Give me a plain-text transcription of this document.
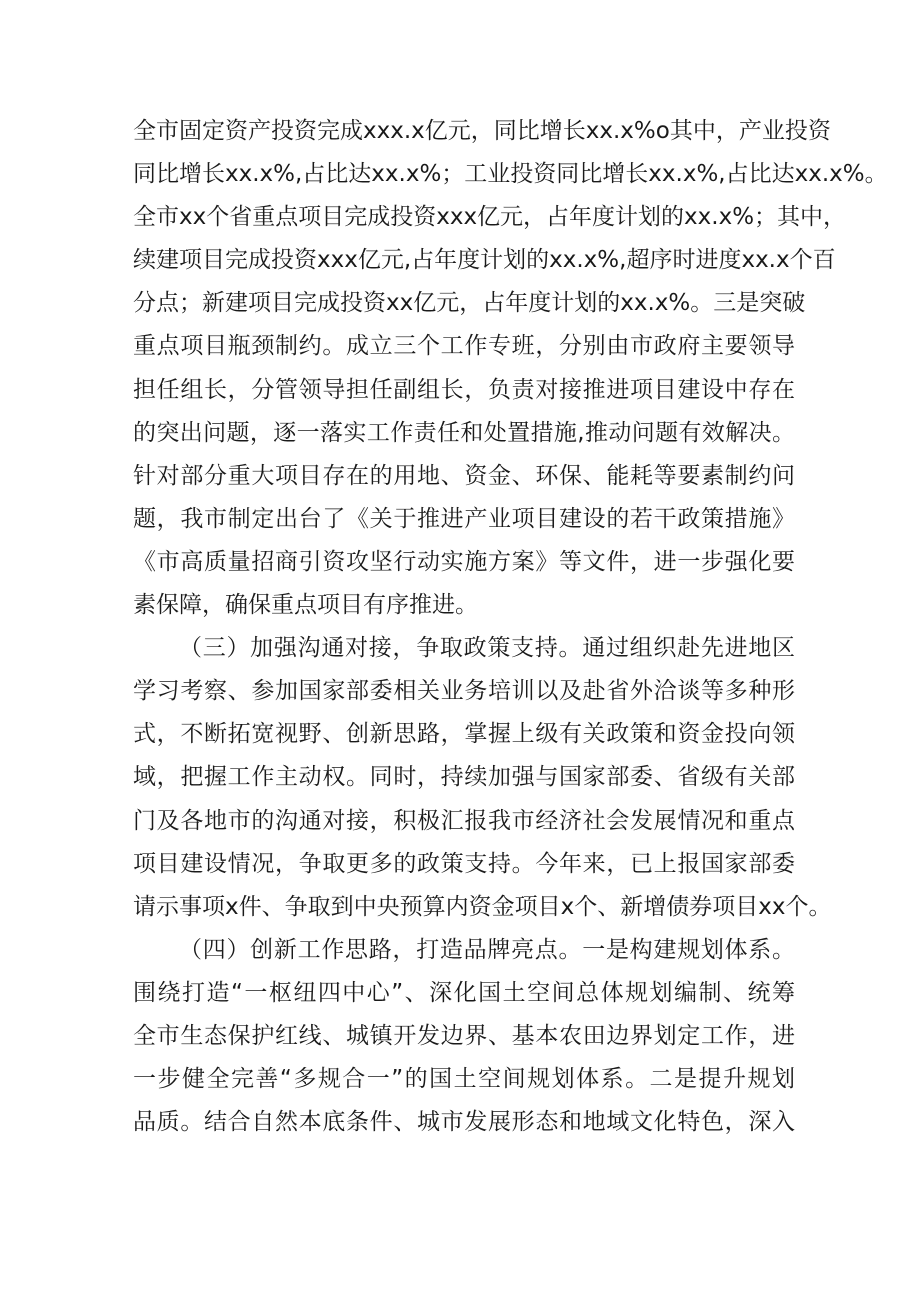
全市固定资产投资完成xxx.x亿元，同比增长xx.x%o其中，产业投资
同比增长xx.x%,占比达xx.x%；工业投资同比增长xx.x%,占比达xx.x%。
全市xx个省重点项目完成投资xxx亿元，占年度计划的xx.x%；其中，
续建项目完成投资xxx亿元,占年度计划的xx.x%,超序时进度xx.x个百
分点；新建项目完成投资xx亿元，占年度计划的xx.x%。三是突破
重点项目瓶颈制约。成立三个工作专班，分别由市政府主要领导
担任组长，分管领导担任副组长，负责对接推进项目建设中存在
的突出问题，逐一落实工作责任和处置措施,推动问题有效解决。
针对部分重大项目存在的用地、资金、环保、能耗等要素制约问
题，我市制定出台了《关于推进产业项目建设的若干政策措施》
《市高质量招商引资攻坚行动实施方案》等文件，进一步强化要
素保障，确保重点项目有序推进。
（三）加强沟通对接，争取政策支持。通过组织赴先进地区
学习考察、参加国家部委相关业务培训以及赴省外洽谈等多种形
式，不断拓宽视野、创新思路，掌握上级有关政策和资金投向领
域，把握工作主动权。同时，持续加强与国家部委、省级有关部
门及各地市的沟通对接，积极汇报我市经济社会发展情况和重点
项目建设情况，争取更多的政策支持。今年来，已上报国家部委
请示事项x件、争取到中央预算内资金项目x个、新增债券项目xx个。
（四）创新工作思路，打造品牌亮点。一是构建规划体系。
围绕打造“一枢纽四中心”、深化国土空间总体规划编制、统筹
全市生态保护红线、城镇开发边界、基本农田边界划定工作，进
一步健全完善“多规合一”的国土空间规划体系。二是提升规划
品质。结合自然本底条件、城市发展形态和地域文化特色，深入
